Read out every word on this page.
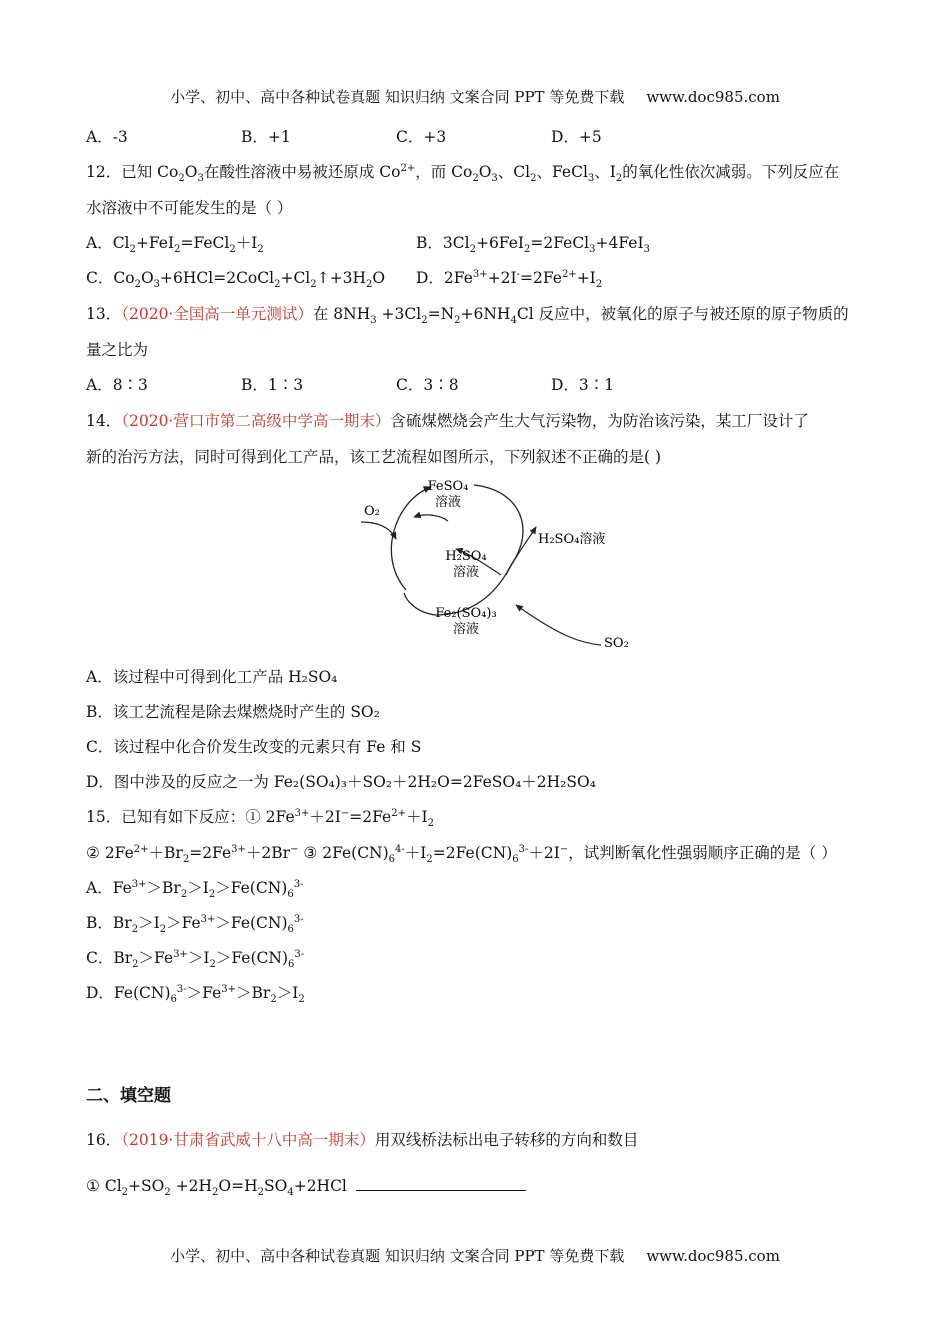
小学、初中、高中各种试卷真题 知识归纳 文案合同 PPT 等免费下载 www.doc985.com
A．-3	B．+1	C．+3	D．+5
12．已知 $Co_2O_3$在酸性溶液中易被还原成 $Co^{2+}$，而 $Co_2O_3$、$Cl_2$、FeCl$_3$、$I_2$的氧化性依次减弱。下列反应在
水溶液中不可能发生的是（ ）
A．$Cl_2+FeI_2=FeCl_2+I_2$	B．$3Cl_2+6FeI_2=2FeCl_3+4FeI_3$
C．$Co_2O_3+6HCl=2CoCl_2+Cl_2↑+3H_2O$	D．$2Fe^{3+}+2I^-=2Fe^{2+}+I_2$
13．（2020·全国高一单元测试）在 $8NH_3 +3Cl_2=N_2+6NH_4Cl$ 反应中，被氧化的原子与被还原的原子物质的
量之比为
A．8∶3	B．1∶3	C．3∶8	D．3∶1
14．（2020·营口市第二高级中学高一期末）含硫煤燃烧会产生大气污染物，为防治该污染，某工厂设计了
新的治污方法，同时可得到化工产品，该工艺流程如图所示，下列叙述不正确的是( )
A．该过程中可得到化工产品 H₂SO₄
B．该工艺流程是除去煤燃烧时产生的 SO₂
C．该过程中化合价发生改变的元素只有 Fe 和 S
D．图中涉及的反应之一为 Fe₂(SO₄)₃＋SO₂＋2H₂O=2FeSO₄＋2H₂SO₄
15．已知有如下反应：① $2Fe^{3+}+2I^-=2Fe^{2+}+I_2$
② $2Fe^{2+}+Br_2=2Fe^{3+}+2Br^-$ ③ $2Fe(CN)_6^{4-}+I_2=2Fe(CN)_6^{3-}+2I^-$，试判断氧化性强弱顺序正确的是（ ）
A．$Fe^{3+}>Br_2>I_2>Fe(CN)_6^{3-}$
B．$Br_2>I_2>Fe^{3+}>Fe(CN)_6^{3-}$
C．$Br_2>Fe^{3+}>I_2>Fe(CN)_6^{3-}$
D．$Fe(CN)_6^{3-}>Fe^{3+}>Br_2>I_2$
二、填空题
16．（2019·甘肃省武威十八中高一期末）用双线桥法标出电子转移的方向和数目
① $Cl_2+SO_2 +2H_2O=H_2SO_4+2HCl$
FeSO₄
溶液
O₂
H₂SO₄
溶液
H₂SO₄溶液
Fe₂(SO₄)₃
溶液
SO₂
小学、初中、高中各种试卷真题 知识归纳 文案合同 PPT 等免费下载 www.doc985.com
